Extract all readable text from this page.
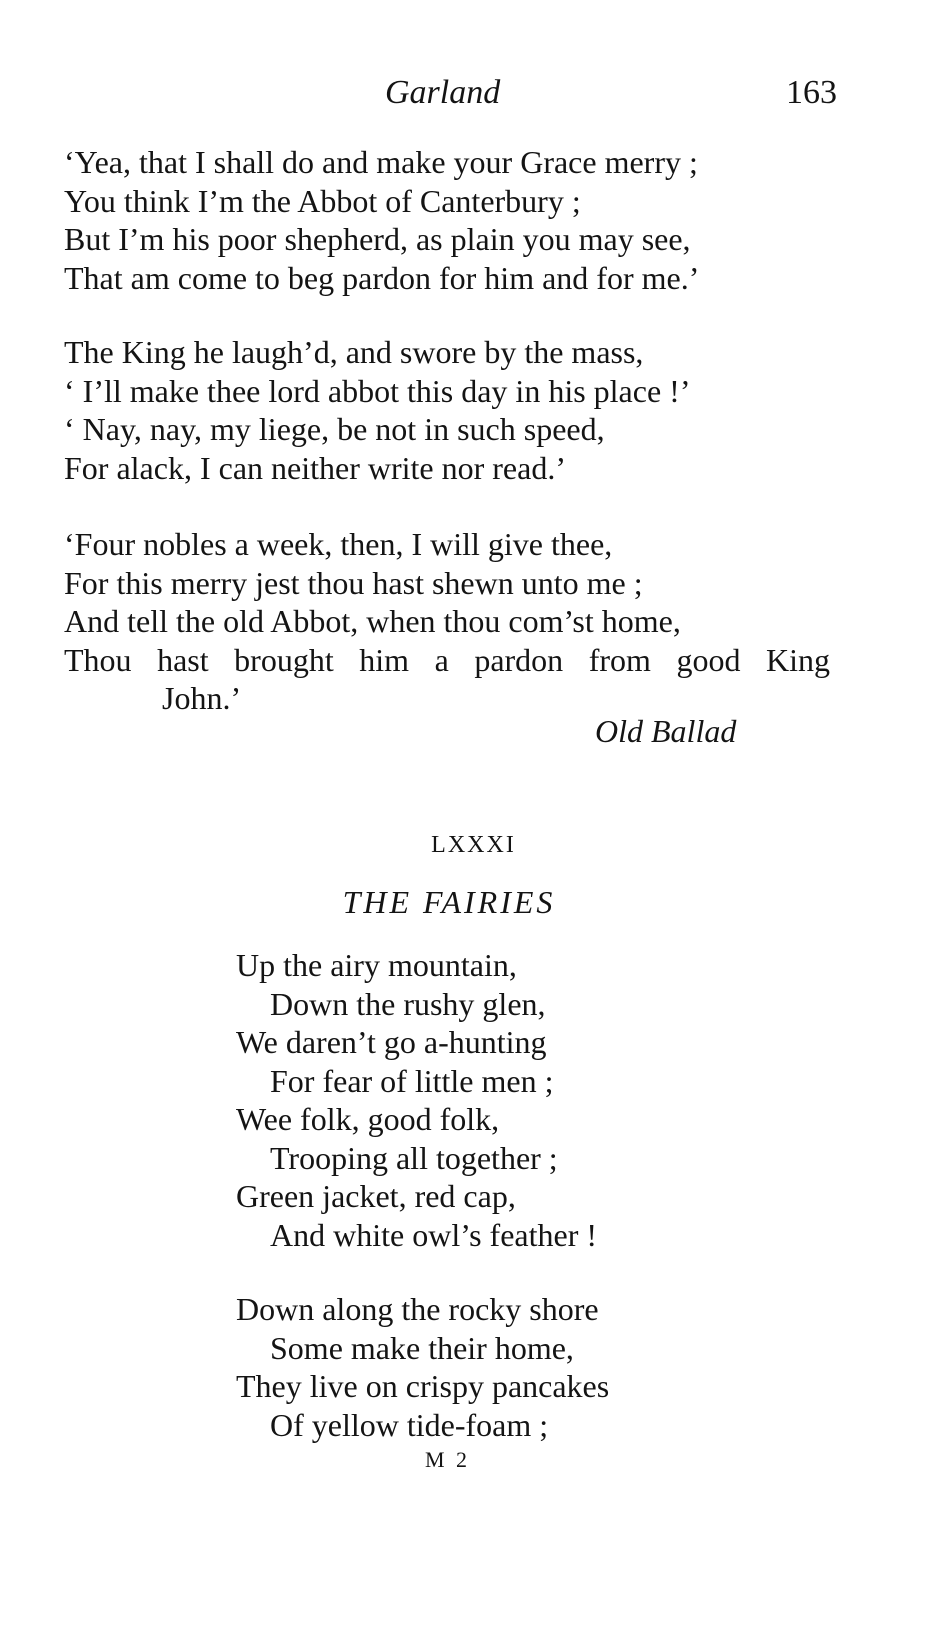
Garland	163
‘Yea, that I shall do and make your Grace merry ;
You think I’m the Abbot of Canterbury ;
But I’m his poor shepherd, as plain you may see,
That am come to beg pardon for him and for me.’
The King he laugh’d, and swore by the mass,
‘ I’ll make thee lord abbot this day in his place !’
‘ Nay, nay, my liege, be not in such speed,
For alack, I can neither write nor read.’
‘Four nobles a week, then, I will give thee,
For this merry jest thou hast shewn unto me ;
And tell the old Abbot, when thou com’st home,
Thou hast brought him a pardon from good King
John.’
Old Ballad
LXXXI
THE FAIRIES
Up the airy mountain,
Down the rushy glen,
We daren’t go a-hunting
For fear of little men ;
Wee folk, good folk,
Trooping all together ;
Green jacket, red cap,
And white owl’s feather !
Down along the rocky shore
Some make their home,
They live on crispy pancakes
Of yellow tide-foam ;
M 2
